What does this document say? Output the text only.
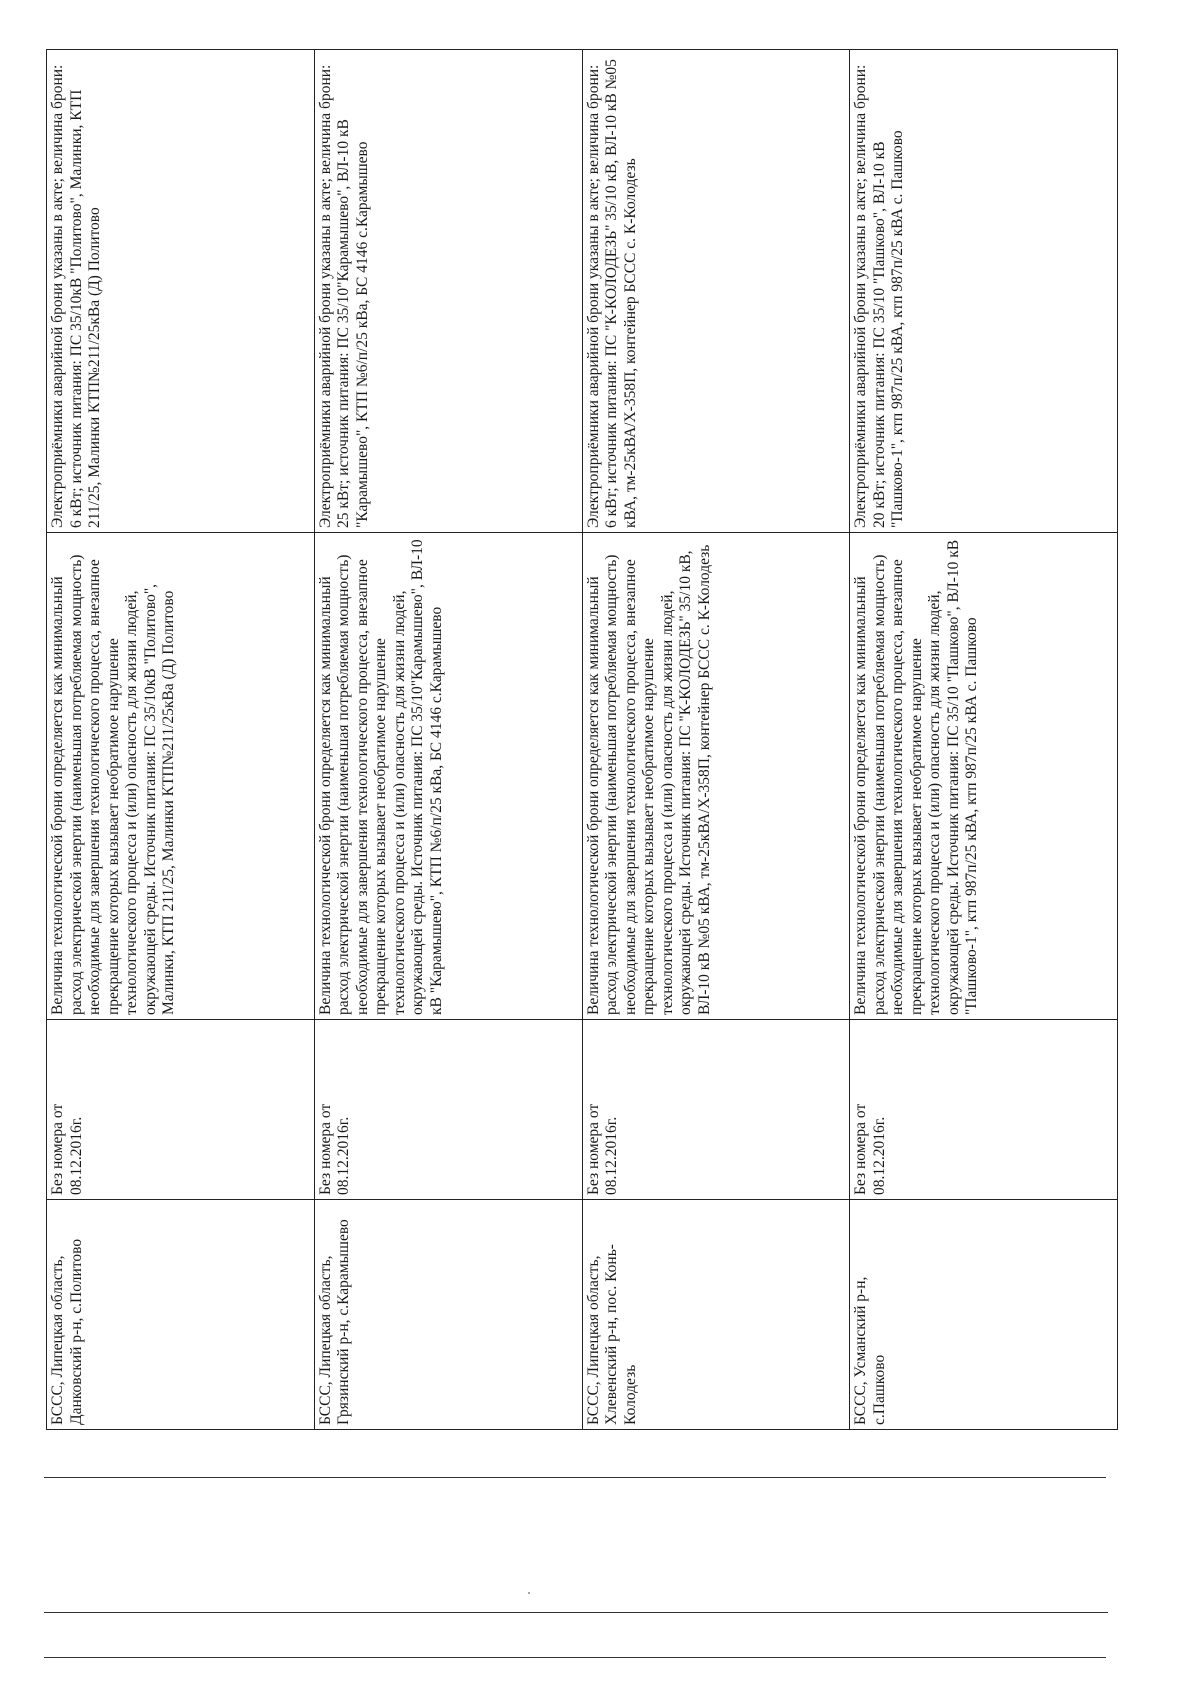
БССС, Липецкая область, Данковский р-н, с.Политово	Без номера от 08.12.2016г.	Величина технологической брони определяется как минимальный расход электрической энергии (наименьшая потребляемая мощность) необходимые для завершения технологического процесса, внезапное прекращение которых вызывает необратимое нарушение технологического процесса и (или) опасность для жизни людей, окружающей среды. Источник питания: ПС 35/10кВ "Политово", Малинки, КТП 211/25, Малинки КТП№211/25кВа (Д) Политово	Электроприёмники аварийной брони указаны в акте; величина брони: 6 кВт; источник питания: ПС 35/10кВ "Политово", Малинки, КТП 211/25, Малинки КТП№211/25кВа (Д) Политово
БССС, Липецкая область, Грязинский р-н, с.Карамышево	Без номера от 08.12.2016г.	Величина технологической брони определяется как минимальный расход электрической энергии (наименьшая потребляемая мощность) необходимые для завершения технологического процесса, внезапное прекращение которых вызывает необратимое нарушение технологического процесса и (или) опасность для жизни людей, окружающей среды. Источник питания: ПС 35/10"Карамышево", ВЛ-10 кВ "Карамышево", КТП №6/п/25 кВа, БС 4146 с.Карамышево	Электроприёмники аварийной брони указаны в акте; величина брони: 25 кВт; источник питания: ПС 35/10"Карамышево", ВЛ-10 кВ "Карамышево", КТП №6/п/25 кВа, БС 4146 с.Карамышево
БССС, Липецкая область, Хлевенский р-н, пос. Конь-Колодезь	Без номера от 08.12.2016г.	Величина технологической брони определяется как минимальный расход электрической энергии (наименьшая потребляемая мощность) необходимые для завершения технологического процесса, внезапное прекращение которых вызывает необратимое нарушение технологического процесса и (или) опасность для жизни людей, окружающей среды. Источник питания: ПС "К-КОЛОДЕЗЬ" 35/10 кВ, ВЛ-10 кВ №05 кВА, тм-25кВА/Х-358П, контейнер БССС с. К-Колодезь	Электроприёмники аварийной брони указаны в акте; величина брони: 6 кВт; источник питания: ПС "К-КОЛОДЕЗЬ" 35/10 кВ, ВЛ-10 кВ №05 кВА, тм-25кВА/Х-358П, контейнер БССС с. К-Колодезь
БССС, Усманский р-н, с.Пашково	Без номера от 08.12.2016г.	Величина технологической брони определяется как минимальный расход электрической энергии (наименьшая потребляемая мощность) необходимые для завершения технологического процесса, внезапное прекращение которых вызывает необратимое нарушение технологического процесса и (или) опасность для жизни людей, окружающей среды. Источник питания: ПС 35/10 "Пашково", ВЛ-10 кВ "Пашково-1", ктп 987п/25 кВА, ктп 987п/25 кВА с. Пашково	Электроприёмники аварийной брони указаны в акте; величина брони: 20 кВт; источник питания: ПС 35/10 "Пашково", ВЛ-10 кВ "Пашково-1", ктп 987п/25 кВА, ктп 987п/25 кВА с. Пашково
